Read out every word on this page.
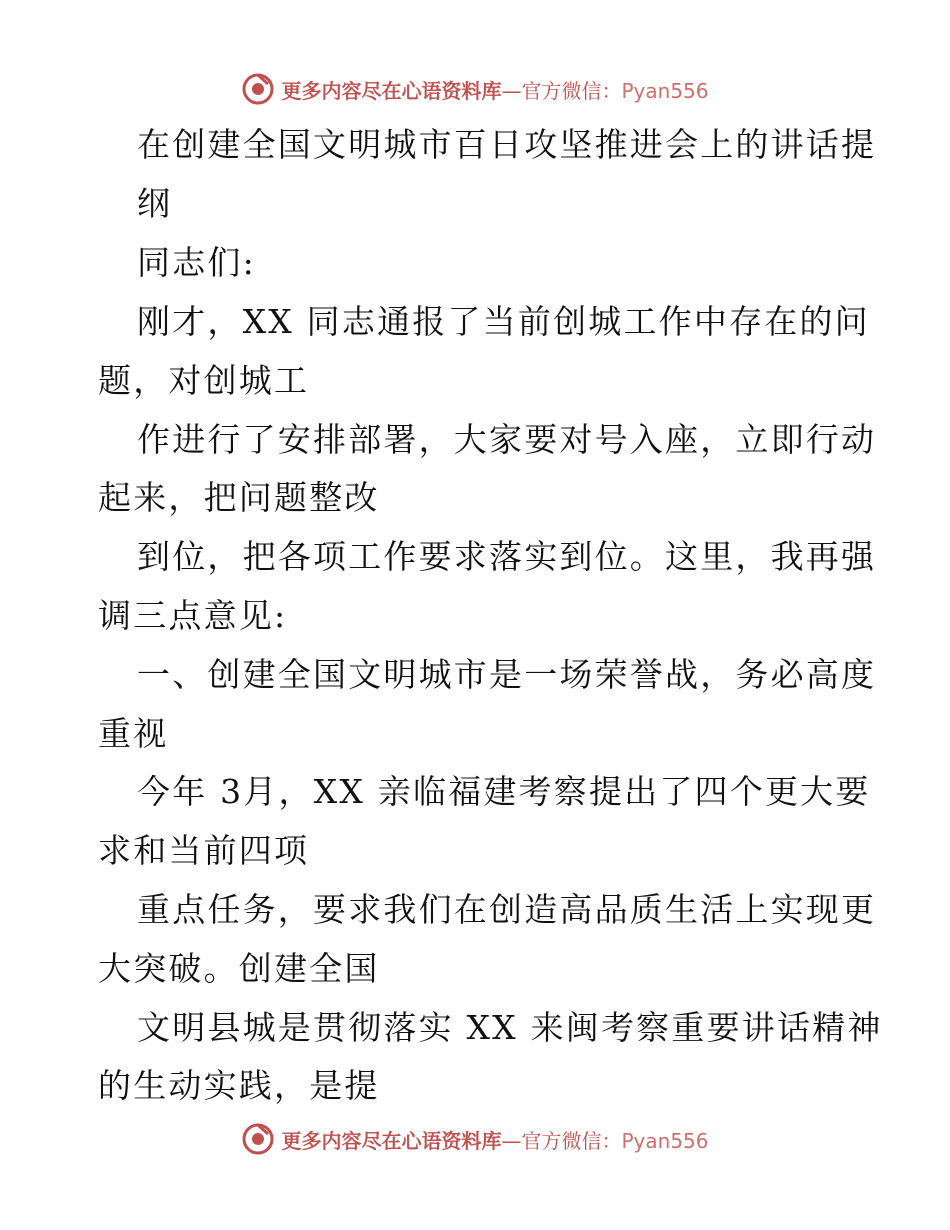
更多内容尽在心语资料库—官方微信：Pyan556
在创建全国文明城市百日攻坚推进会上的讲话提
纲
同志们:
刚才，XX 同志通报了当前创城工作中存在的问
题，对创城工
作进行了安排部署，大家要对号入座，立即行动
起来，把问题整改
到位，把各项工作要求落实到位。这里，我再强
调三点意见:
一、创建全国文明城市是一场荣誉战，务必高度
重视
今年 3月，XX 亲临福建考察提出了四个更大要
求和当前四项
重点任务，要求我们在创造高品质生活上实现更
大突破。创建全国
文明县城是贯彻落实 XX 来闽考察重要讲话精神
的生动实践，是提
更多内容尽在心语资料库—官方微信：Pyan556
